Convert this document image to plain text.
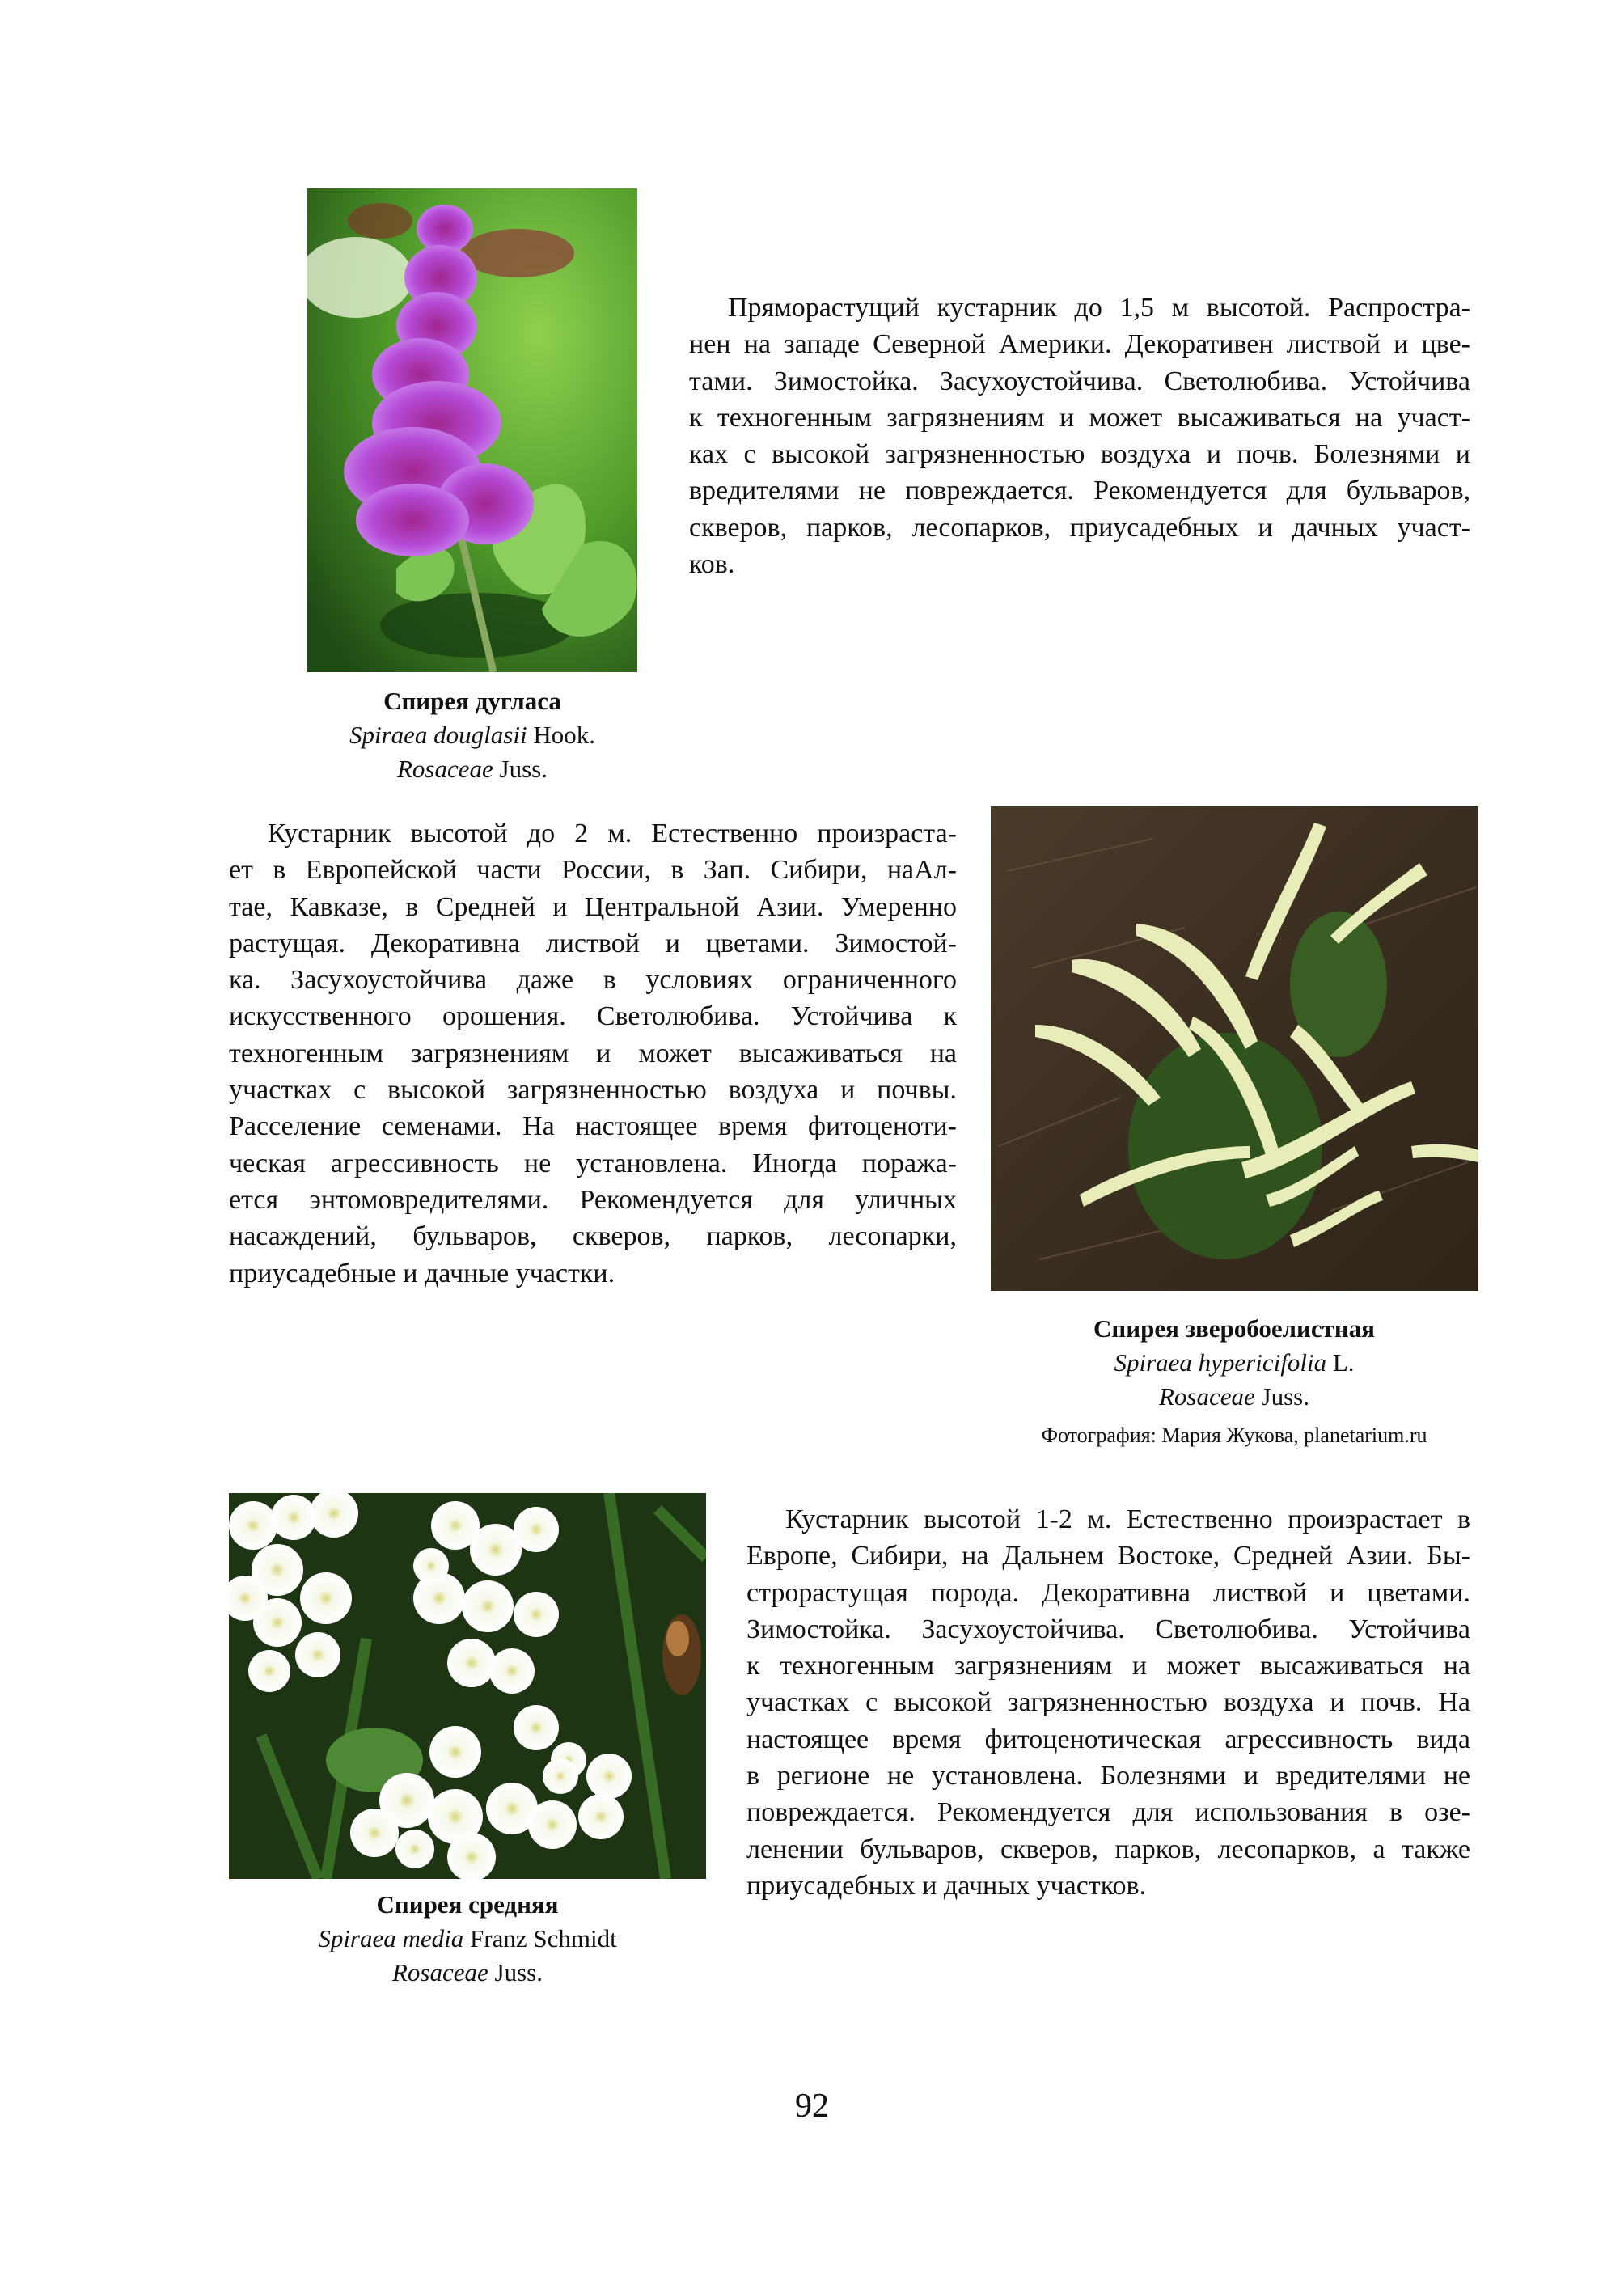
Спирея дугласа
Spiraea douglasii Hook.
Rosaceae Juss.
Пряморастущий кустарник до 1,5 м высотой. Распростра-
нен на западе Северной Америки. Декоративен листвой и цве-
тами. Зимостойка. Засухоустойчива. Светолюбива. Устойчива
к техногенным загрязнениям и может высаживаться на участ-
ках с высокой загрязненностью воздуха и почв. Болезнями и
вредителями не повреждается. Рекомендуется для бульваров,
скверов, парков, лесопарков, приусадебных и дачных участ-
ков.
Кустарник высотой до 2 м. Естественно произраста-
ет в Европейской части России, в Зап. Сибири, наАл-
тае, Кавказе, в Средней и Центральной Азии. Умеренно
растущая. Декоративна листвой и цветами. Зимостой-
ка. Засухоустойчива даже в условиях ограниченного
искусственного орошения. Светолюбива. Устойчива к
техногенным загрязнениям и может высаживаться на
участках с высокой загрязненностью воздуха и почвы.
Расселение семенами. На настоящее время фитоценоти-
ческая агрессивность не установлена. Иногда поража-
ется энтомовредителями. Рекомендуется для уличных
насаждений, бульваров, скверов, парков, лесопарки,
приусадебные и дачные участки.
Спирея зверобоелистная
Spiraea hypericifolia L.
Rosaceae Juss.
Фотография: Мария Жукова, planetarium.ru
Кустарник высотой 1-2 м. Естественно произрастает в
Европе, Сибири, на Дальнем Востоке, Средней Азии. Бы-
строрастущая порода. Декоративна листвой и цветами.
Зимостойка. Засухоустойчива. Светолюбива. Устойчива
к техногенным загрязнениям и может высаживаться на
участках с высокой загрязненностью воздуха и почв. На
настоящее время фитоценотическая агрессивность вида
в регионе не установлена. Болезнями и вредителями не
повреждается. Рекомендуется для использования в озе-
ленении бульваров, скверов, парков, лесопарков, а также
приусадебных и дачных участков.
Спирея средняя
Spiraea media Franz Schmidt
Rosaceae Juss.
92
